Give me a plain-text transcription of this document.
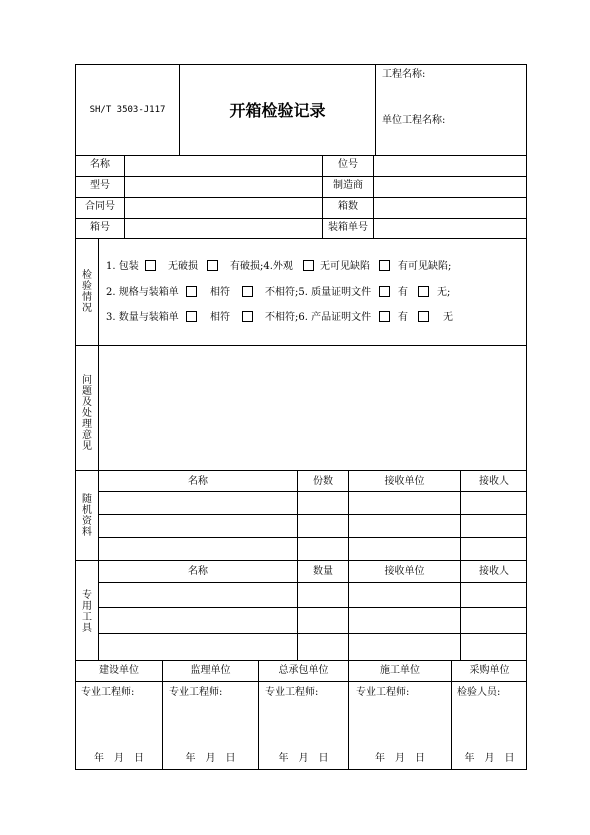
SH/T 3503-J117	开箱检验记录
工程名称:
单位工程名称:
名称	位号
型号	制造商
合同号	箱数
箱号	装箱单号
检验情况
1. 包装	无破损	有破损;4.外观	无可见缺陷	有可见缺陷;
2. 规格与装箱单	相符	不相符;5. 质量证明文件	有	无;
3. 数量与装箱单	相符	不相符;6. 产品证明文件	有	无
问题及处理意见
随机资料
名称	份数	接收单位	接收人
专用工具
名称	数量	接收单位	接收人
建设单位	监理单位	总承包单位	施工单位	采购单位
专业工程师:	专业工程师:	专业工程师:	专业工程师:	检验人员:
年　月　日	年　月　日	年　月　日	年　月　日	年　月　日
